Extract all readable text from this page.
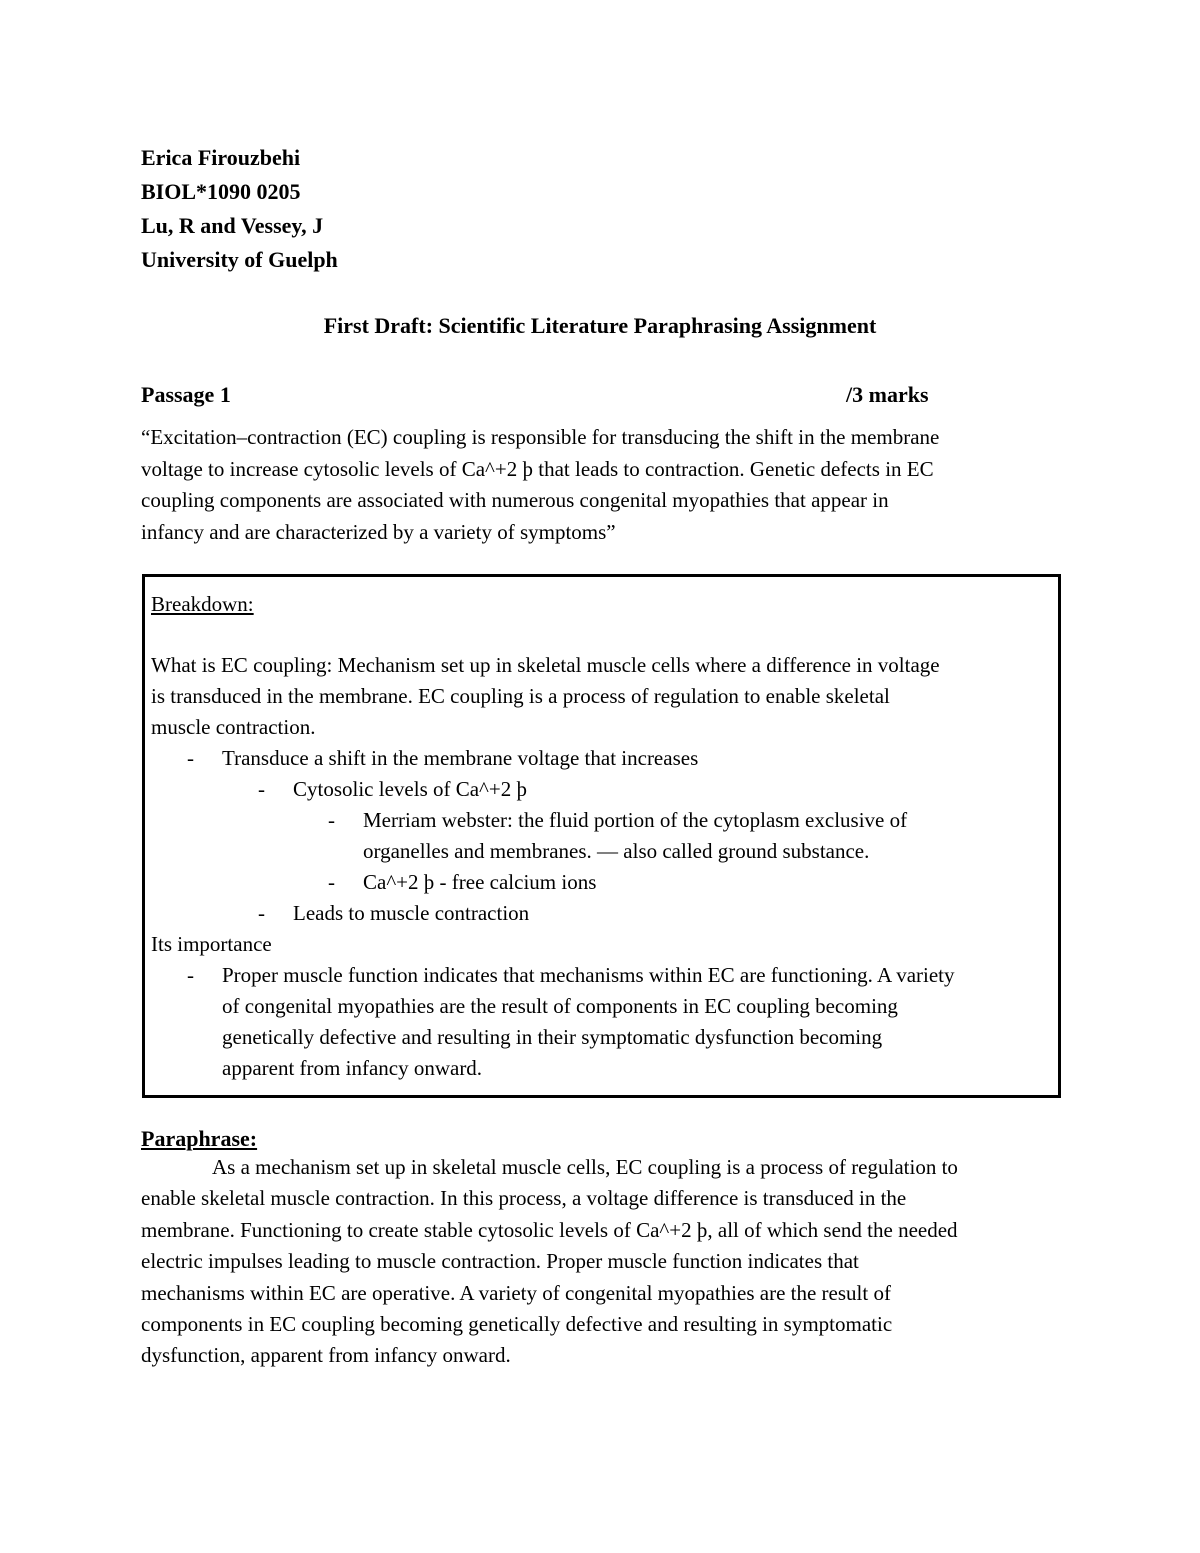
Erica Firouzbehi
BIOL*1090 0205
Lu, R and Vessey, J
University of Guelph
First Draft: Scientific Literature Paraphrasing Assignment
Passage 1	/3 marks
“Excitation–contraction (EC) coupling is responsible for transducing the shift in the membrane
voltage to increase cytosolic levels of Ca^+2 þ that leads to contraction. Genetic defects in EC
coupling components are associated with numerous congenital myopathies that appear in
infancy and are characterized by a variety of symptoms”
Breakdown:
What is EC coupling: Mechanism set up in skeletal muscle cells where a difference in voltage
is transduced in the membrane. EC coupling is a process of regulation to enable skeletal
muscle contraction.
- Transduce a shift in the membrane voltage that increases
- Cytosolic levels of Ca^+2 þ
- Merriam webster: the fluid portion of the cytoplasm exclusive of
organelles and membranes. — also called ground substance.
- Ca^+2 þ - free calcium ions
- Leads to muscle contraction
Its importance
- Proper muscle function indicates that mechanisms within EC are functioning. A variety
of congenital myopathies are the result of components in EC coupling becoming
genetically defective and resulting in their symptomatic dysfunction becoming
apparent from infancy onward.
Paraphrase:
As a mechanism set up in skeletal muscle cells, EC coupling is a process of regulation to
enable skeletal muscle contraction. In this process, a voltage difference is transduced in the
membrane. Functioning to create stable cytosolic levels of Ca^+2 þ, all of which send the needed
electric impulses leading to muscle contraction. Proper muscle function indicates that
mechanisms within EC are operative. A variety of congenital myopathies are the result of
components in EC coupling becoming genetically defective and resulting in symptomatic
dysfunction, apparent from infancy onward.
